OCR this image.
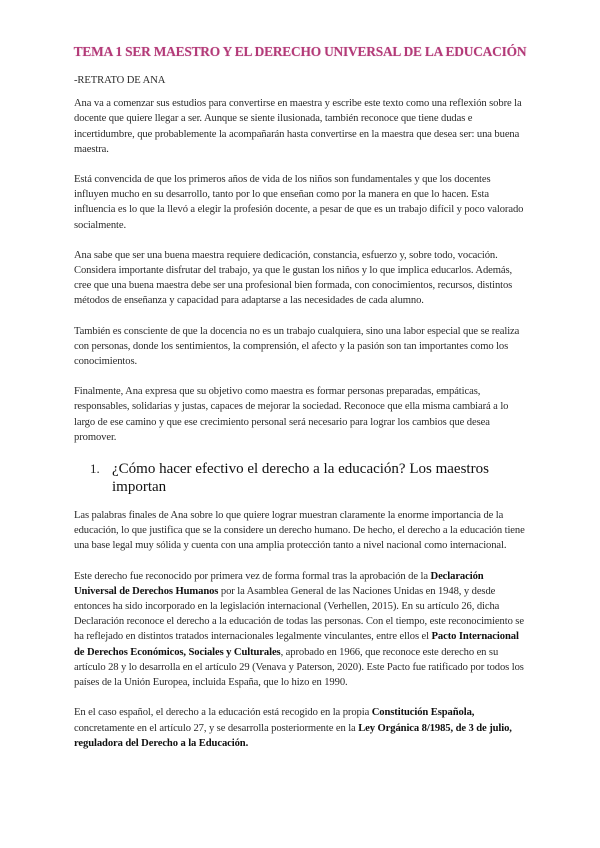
TEMA 1 SER MAESTRO Y EL DERECHO UNIVERSAL DE LA EDUCACIÓN

-RETRATO DE ANA

Ana va a comenzar sus estudios para convertirse en maestra y escribe este texto como una reflexión sobre la docente que quiere llegar a ser. Aunque se siente ilusionada, también reconoce que tiene dudas e incertidumbre, que probablemente la acompañarán hasta convertirse en la maestra que desea ser: una buena maestra.

Está convencida de que los primeros años de vida de los niños son fundamentales y que los docentes influyen mucho en su desarrollo, tanto por lo que enseñan como por la manera en que lo hacen. Esta influencia es lo que la llevó a elegir la profesión docente, a pesar de que es un trabajo difícil y poco valorado socialmente.

Ana sabe que ser una buena maestra requiere dedicación, constancia, esfuerzo y, sobre todo, vocación. Considera importante disfrutar del trabajo, ya que le gustan los niños y lo que implica educarlos. Además, cree que una buena maestra debe ser una profesional bien formada, con conocimientos, recursos, distintos métodos de enseñanza y capacidad para adaptarse a las necesidades de cada alumno.

También es consciente de que la docencia no es un trabajo cualquiera, sino una labor especial que se realiza con personas, donde los sentimientos, la comprensión, el afecto y la pasión son tan importantes como los conocimientos.

Finalmente, Ana expresa que su objetivo como maestra es formar personas preparadas, empáticas, responsables, solidarias y justas, capaces de mejorar la sociedad. Reconoce que ella misma cambiará a lo largo de ese camino y que ese crecimiento personal será necesario para lograr los cambios que desea promover.

1. ¿Cómo hacer efectivo el derecho a la educación? Los maestros importan

Las palabras finales de Ana sobre lo que quiere lograr muestran claramente la enorme importancia de la educación, lo que justifica que se la considere un derecho humano. De hecho, el derecho a la educación tiene una base legal muy sólida y cuenta con una amplia protección tanto a nivel nacional como internacional.

Este derecho fue reconocido por primera vez de forma formal tras la aprobación de la Declaración Universal de Derechos Humanos por la Asamblea General de las Naciones Unidas en 1948, y desde entonces ha sido incorporado en la legislación internacional (Verhellen, 2015). En su artículo 26, dicha Declaración reconoce el derecho a la educación de todas las personas. Con el tiempo, este reconocimiento se ha reflejado en distintos tratados internacionales legalmente vinculantes, entre ellos el Pacto Internacional de Derechos Económicos, Sociales y Culturales, aprobado en 1966, que reconoce este derecho en su artículo 28 y lo desarrolla en el artículo 29 (Venava y Paterson, 2020). Este Pacto fue ratificado por todos los países de la Unión Europea, incluida España, que lo hizo en 1990.

En el caso español, el derecho a la educación está recogido en la propia Constitución Española, concretamente en el artículo 27, y se desarrolla posteriormente en la Ley Orgánica 8/1985, de 3 de julio, reguladora del Derecho a la Educación.
